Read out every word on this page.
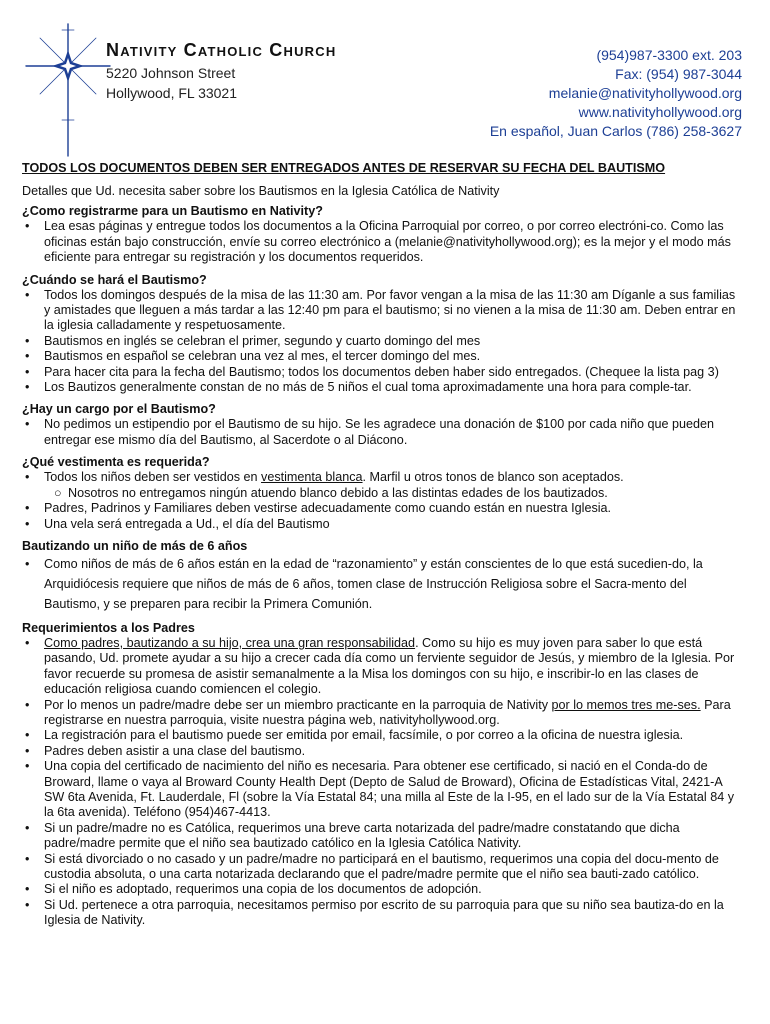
Nativity Catholic Church
5220 Johnson Street
Hollywood, FL 33021
(954)987-3300 ext. 203
Fax: (954) 987-3044
melanie@nativityhollywood.org
www.nativityhollywood.org
En español, Juan Carlos (786) 258-3627
TODOS LOS DOCUMENTOS DEBEN SER ENTREGADOS ANTES DE RESERVAR SU FECHA DEL BAUTISMO

Detalles que Ud. necesita saber sobre los Bautismos en la Iglesia Católica de Nativity

¿Como registrarme para un Bautismo en Nativity?
• Lea esas páginas y entregue todos los documentos a la Oficina Parroquial por correo, o por correo electróni-co. Como las oficinas están bajo construcción, envíe su correo electrónico a (melanie@nativityhollywood.org); es la mejor y el modo más eficiente para entregar su registración y los documentos requeridos.
¿Cuándo se hará el Bautismo?
• Todos los domingos después de la misa de las 11:30 am. Por favor vengan a la misa de las 11:30 am Díganle a sus familias y amistades que lleguen a más tardar a las 12:40 pm para el bautismo; si no vienen a la misa de 11:30 am. Deben entrar en la iglesia calladamente y respetuosamente.
• Bautismos en inglés se celebran el primer, segundo y cuarto domingo del mes
• Bautismos en español se celebran una vez al mes, el tercer domingo del mes.
• Para hacer cita para la fecha del Bautismo; todos los documentos deben haber sido entregados. (Chequee la lista pag 3)
• Los Bautizos generalmente constan de no más de 5 niños el cual toma aproximadamente una hora para comple-tar.
¿Hay un cargo por el Bautismo?
• No pedimos un estipendio por el Bautismo de su hijo. Se les agradece una donación de $100 por cada niño que pueden entregar ese mismo día del Bautismo, al Sacerdote o al Diácono.
¿Qué vestimenta es requerida?
• Todos los niños deben ser vestidos en vestimenta blanca. Marfil u otros tonos de blanco son aceptados.
○ Nosotros no entregamos ningún atuendo blanco debido a las distintas edades de los bautizados.
• Padres, Padrinos y Familiares deben vestirse adecuadamente como cuando están en nuestra Iglesia.
• Una vela será entregada a Ud., el día del Bautismo
Bautizando un niño de más de 6 años
• Como niños de más de 6 años están en la edad de “razonamiento” y están conscientes de lo que está sucedien-do, la Arquidiócesis requiere que niños de más de 6 años, tomen clase de Instrucción Religiosa sobre el Sacra-mento del Bautismo, y se preparen para recibir la Primera Comunión.
Requerimientos a los Padres
• Como padres, bautizando a su hijo, crea una gran responsabilidad. Como su hijo es muy joven para saber lo que está pasando, Ud. promete ayudar a su hijo a crecer cada día como un ferviente seguidor de Jesús, y miembro de la Iglesia. Por favor recuerde su promesa de asistir semanalmente a la Misa los domingos con su hijo, e inscribir-lo en las clases de educación religiosa cuando comiencen el colegio.
• Por lo menos un padre/madre debe ser un miembro practicante en la parroquia de Nativity por lo memos tres me-ses. Para registrarse en nuestra parroquia, visite nuestra página web, nativityhollywood.org.
• La registración para el bautismo puede ser emitida por email, facsímile, o por correo a la oficina de nuestra iglesia.
• Padres deben asistir a una clase del bautismo.
• Una copia del certificado de nacimiento del niño es necesaria. Para obtener ese certificado, si nació en el Conda-do de Broward, llame o vaya al Broward County Health Dept (Depto de Salud de Broward), Oficina de Estadísticas Vital, 2421-A SW 6ta Avenida, Ft. Lauderdale, Fl (sobre la Vía Estatal 84; una milla al Este de la I-95, en el lado sur de la Vía Estatal 84 y la 6ta avenida). Teléfono (954)467-4413.
• Si un padre/madre no es Católica, requerimos una breve carta notarizada del padre/madre constatando que dicha padre/madre permite que el niño sea bautizado católico en la Iglesia Católica Nativity.
• Si está divorciado o no casado y un padre/madre no participará en el bautismo, requerimos una copia del docu-mento de custodia absoluta, o una carta notarizada declarando que el padre/madre permite que el niño sea bauti-zado católico.
• Si el niño es adoptado, requerimos una copia de los documentos de adopción.
• Si Ud. pertenece a otra parroquia, necesitamos permiso por escrito de su parroquia para que su niño sea bautiza-do en la Iglesia de Nativity.
